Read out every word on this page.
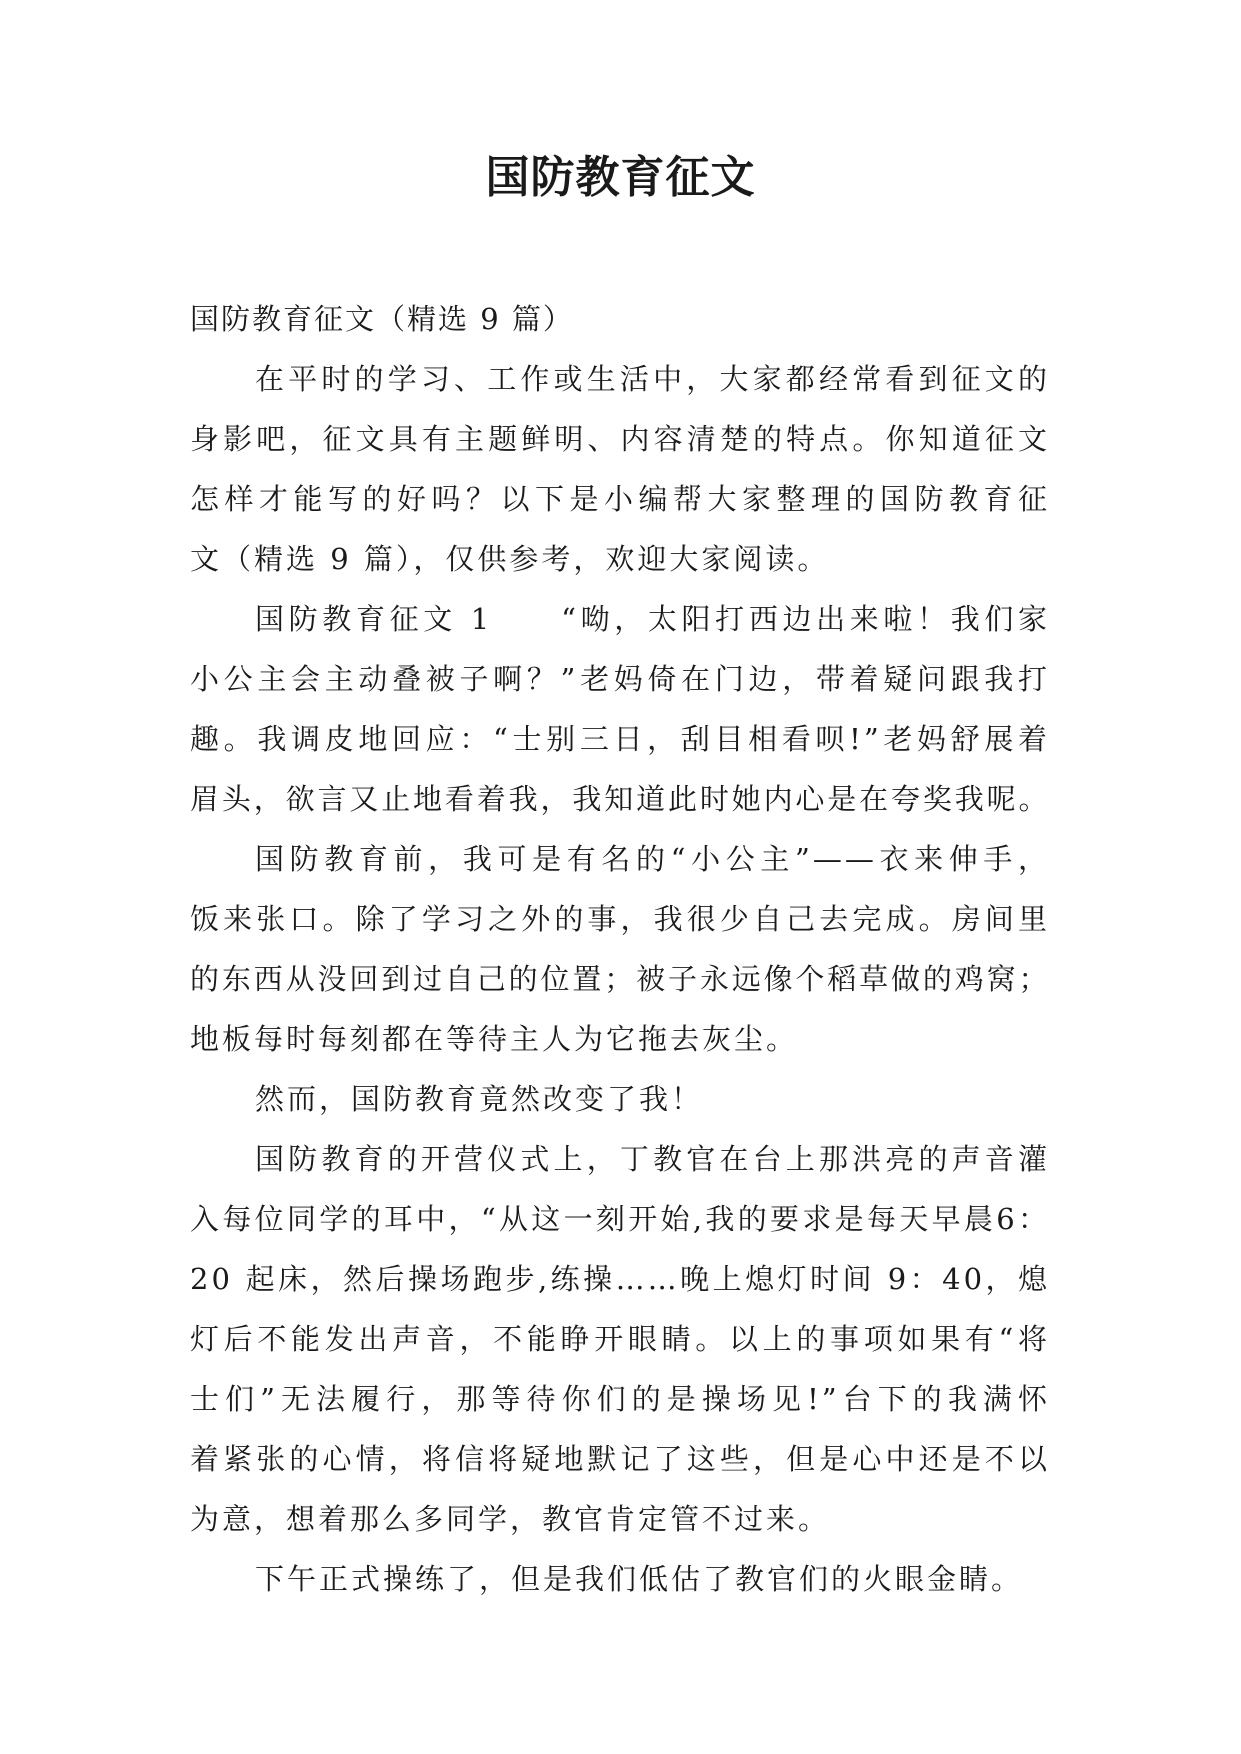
国防教育征文

国防教育征文（精选 9 篇）

在平时的学习、工作或生活中，大家都经常看到征文的
身影吧，征文具有主题鲜明、内容清楚的特点。你知道征文
怎样才能写的好吗？以下是小编帮大家整理的国防教育征
文（精选 9 篇），仅供参考，欢迎大家阅读。
国防教育征文 1　　“呦，太阳打西边出来啦！我们家
小公主会主动叠被子啊？”老妈倚在门边，带着疑问跟我打
趣。我调皮地回应：“士别三日，刮目相看呗!”老妈舒展着
眉头，欲言又止地看着我，我知道此时她内心是在夸奖我呢。
国防教育前，我可是有名的“小公主”——衣来伸手，
饭来张口。除了学习之外的事，我很少自己去完成。房间里
的东西从没回到过自己的位置；被子永远像个稻草做的鸡窝；
地板每时每刻都在等待主人为它拖去灰尘。
然而，国防教育竟然改变了我！
国防教育的开营仪式上，丁教官在台上那洪亮的声音灌
入每位同学的耳中，“从这一刻开始,我的要求是每天早晨6：
20 起床，然后操场跑步,练操……晚上熄灯时间 9：40，熄
灯后不能发出声音，不能睁开眼睛。以上的事项如果有“将
士们”无法履行，那等待你们的是操场见!”台下的我满怀
着紧张的心情，将信将疑地默记了这些，但是心中还是不以
为意，想着那么多同学，教官肯定管不过来。
下午正式操练了，但是我们低估了教官们的火眼金睛。
